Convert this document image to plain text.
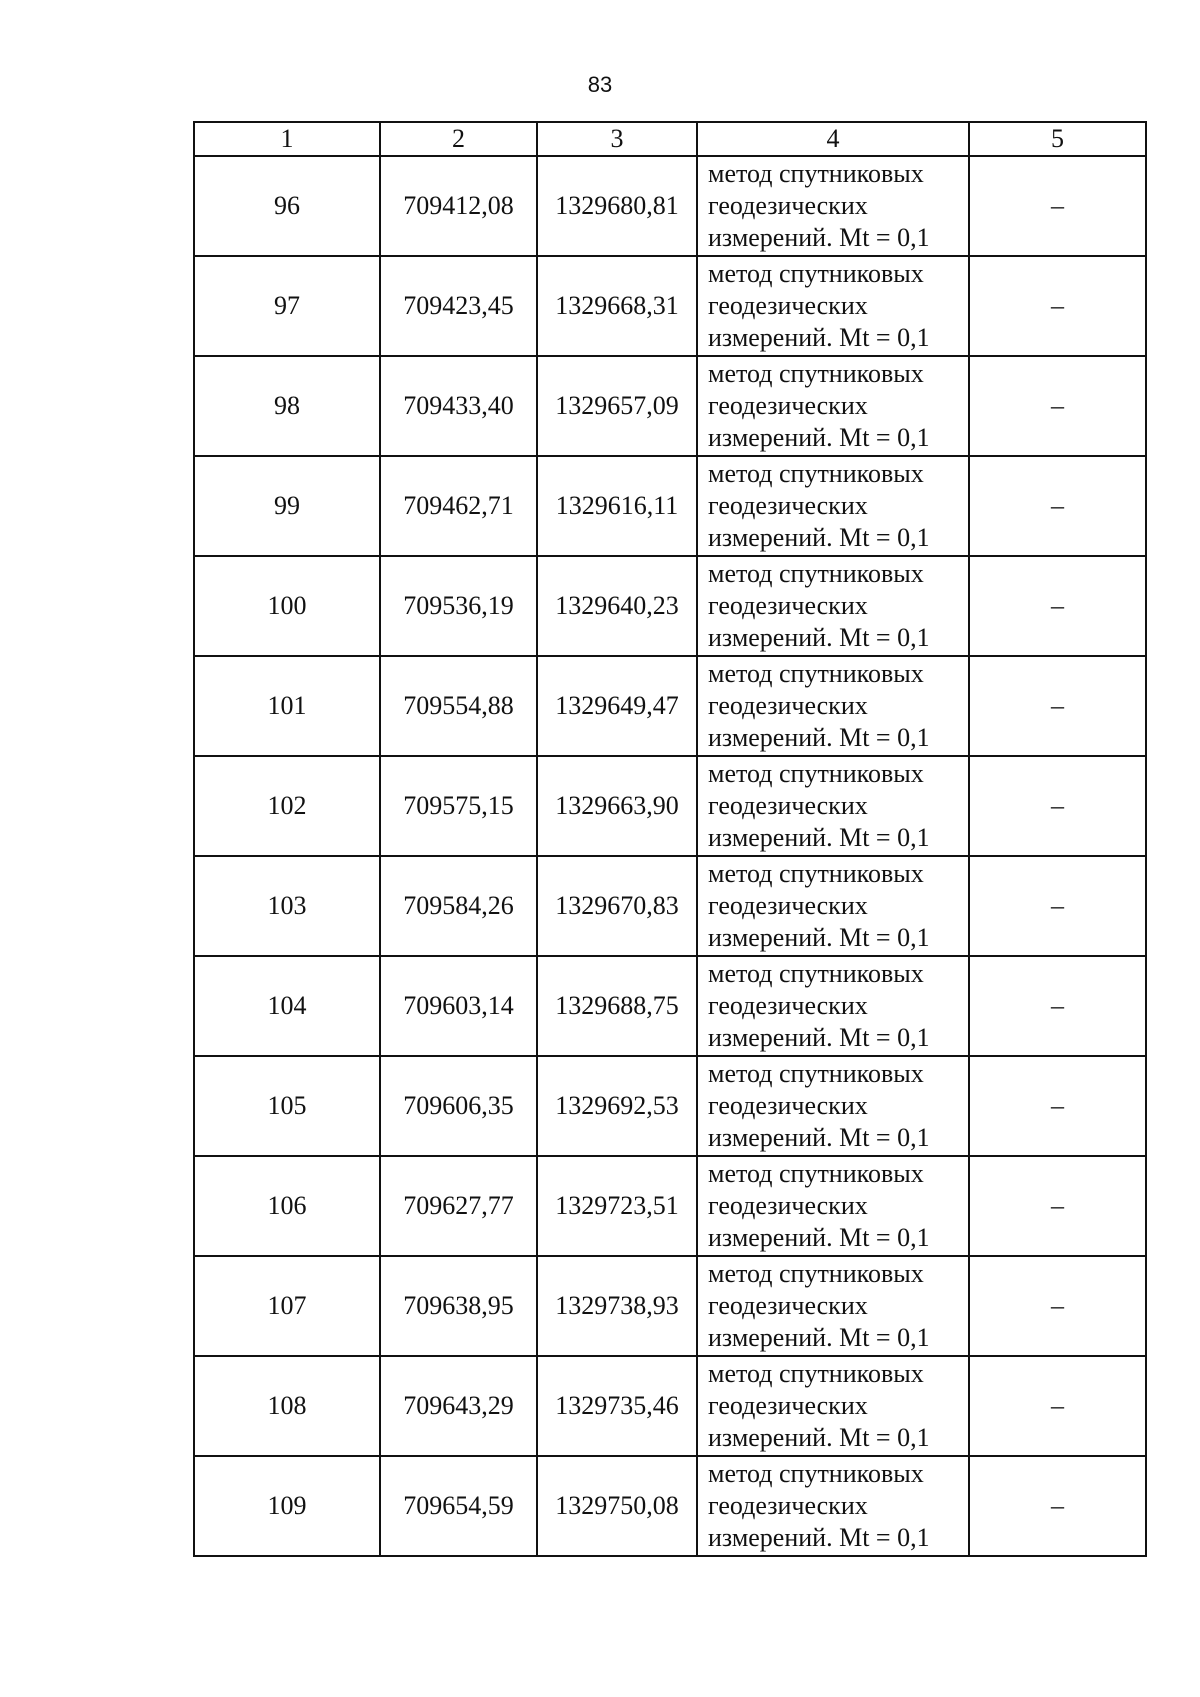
83
1	2	3	4	5
96	709412,08	1329680,81	метод спутниковых
геодезических
измерений. Mt = 0,1	–
97	709423,45	1329668,31	метод спутниковых
геодезических
измерений. Mt = 0,1	–
98	709433,40	1329657,09	метод спутниковых
геодезических
измерений. Mt = 0,1	–
99	709462,71	1329616,11	метод спутниковых
геодезических
измерений. Mt = 0,1	–
100	709536,19	1329640,23	метод спутниковых
геодезических
измерений. Mt = 0,1	–
101	709554,88	1329649,47	метод спутниковых
геодезических
измерений. Mt = 0,1	–
102	709575,15	1329663,90	метод спутниковых
геодезических
измерений. Mt = 0,1	–
103	709584,26	1329670,83	метод спутниковых
геодезических
измерений. Mt = 0,1	–
104	709603,14	1329688,75	метод спутниковых
геодезических
измерений. Mt = 0,1	–
105	709606,35	1329692,53	метод спутниковых
геодезических
измерений. Mt = 0,1	–
106	709627,77	1329723,51	метод спутниковых
геодезических
измерений. Mt = 0,1	–
107	709638,95	1329738,93	метод спутниковых
геодезических
измерений. Mt = 0,1	–
108	709643,29	1329735,46	метод спутниковых
геодезических
измерений. Mt = 0,1	–
109	709654,59	1329750,08	метод спутниковых
геодезических
измерений. Mt = 0,1	–
